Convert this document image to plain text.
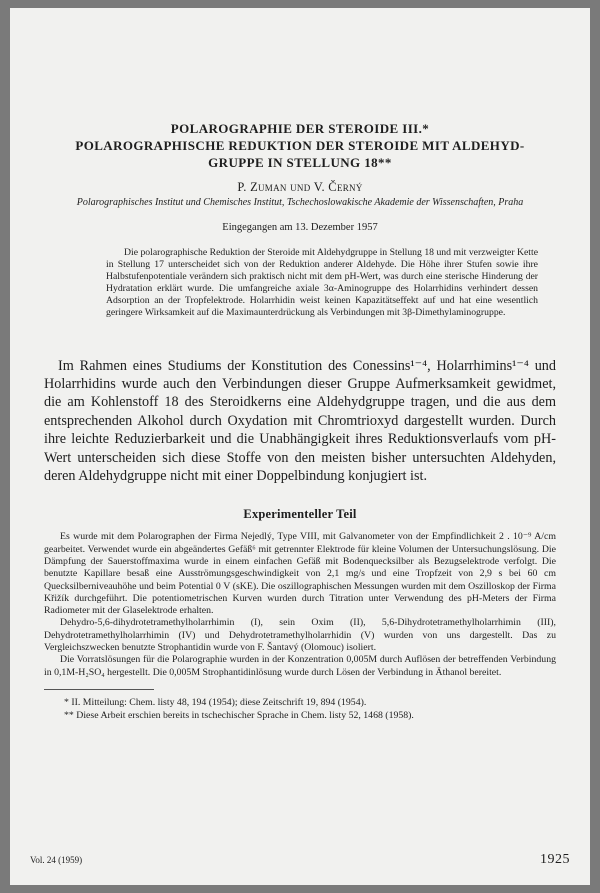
POLAROGRAPHIE DER STEROIDE III.*

POLAROGRAPHISCHE REDUKTION DER STEROIDE MIT ALDEHYD-

GRUPPE IN STELLUNG 18**

P. Zuman und V. Černý

Polarographisches Institut und Chemisches Institut, Tschechoslowakische Akademie der Wissenschaften, Praha

Eingegangen am 13. Dezember 1957

Die polarographische Reduktion der Steroide mit Aldehydgruppe in Stellung 18 und mit verzweigter Kette in Stellung 17 unterscheidet sich von der Reduktion anderer Aldehyde. Die Höhe ihrer Stufen sowie ihre Halbstufenpotentiale verändern sich praktisch nicht mit dem pH-Wert, was durch eine sterische Hinderung der Hydratation erklärt wurde. Die umfangreiche axiale 3α-Aminogruppe des Holarrhidins verhindert dessen Adsorption an der Tropfelektrode. Holarrhidin weist keinen Kapazitätseffekt auf und hat eine wesentlich geringere Wirksamkeit auf die Maximaunterdrückung als Verbindungen mit 3β-Dimethylaminogruppe.

Im Rahmen eines Studiums der Konstitution des Conessins¹⁻⁴, Holarrhimins¹⁻⁴ und Holarrhidins wurde auch den Verbindungen dieser Gruppe Aufmerksamkeit gewidmet, die am Kohlenstoff 18 des Steroidkerns eine Aldehydgruppe tragen, und die aus dem entsprechenden Alkohol durch Oxydation mit Chromtrioxyd dargestellt wurden. Durch ihre leichte Reduzierbarkeit und die Unabhängigkeit ihres Reduktionsverlaufs vom pH-Wert unterscheiden sich diese Stoffe von den meisten bisher untersuchten Aldehyden, deren Aldehydgruppe nicht mit einer Doppelbindung konjugiert ist.

Experimenteller Teil

Es wurde mit dem Polarographen der Firma Nejedlý, Type VIII, mit Galvanometer von der Empfindlichkeit 2 . 10⁻⁹ A/cm gearbeitet. Verwendet wurde ein abgeändertes Gefäß⁶ mit getrennter Elektrode für kleine Volumen der Untersuchungslösung. Die Dämpfung der Sauerstoffmaxima wurde in einem einfachen Gefäß mit Bodenquecksilber als Bezugselektrode verfolgt. Die benutzte Kapillare besaß eine Ausströmungsgeschwindigkeit von 2,1 mg/s und eine Tropfzeit von 2,9 s bei 60 cm Quecksilberniveauhöhe und beim Potential 0 V (sKE). Die oszillographischen Messungen wurden mit dem Oszilloskop der Firma Křižík durchgeführt. Die potentiometrischen Kurven wurden durch Titration unter Verwendung des pH-Meters der Firma Radiometer mit der Glaselektrode erhalten.

Dehydro-5,6-dihydrotetramethylholarrhimin (I), sein Oxim (II), 5,6-Dihydrotetramethylholarrhimin (III), Dehydrotetramethylholarrhimin (IV) und Dehydrotetramethylholarrhidin (V) wurden von uns dargestellt. Das zu Vergleichszwecken benutzte Strophantidin wurde von F. Šantavý (Olomouc) isoliert.

Die Vorratslösungen für die Polarographie wurden in der Konzentration 0,005M durch Auflösen der betreffenden Verbindung in 0,1M-H₂SO₄ hergestellt. Die 0,005M Strophantidinlösung wurde durch Lösen der Verbindung in Äthanol bereitet.

* II. Mitteilung: Chem. listy 48, 194 (1954); diese Zeitschrift 19, 894 (1954).

** Diese Arbeit erschien bereits in tschechischer Sprache in Chem. listy 52, 1468 (1958).

Vol. 24 (1959)	1925
